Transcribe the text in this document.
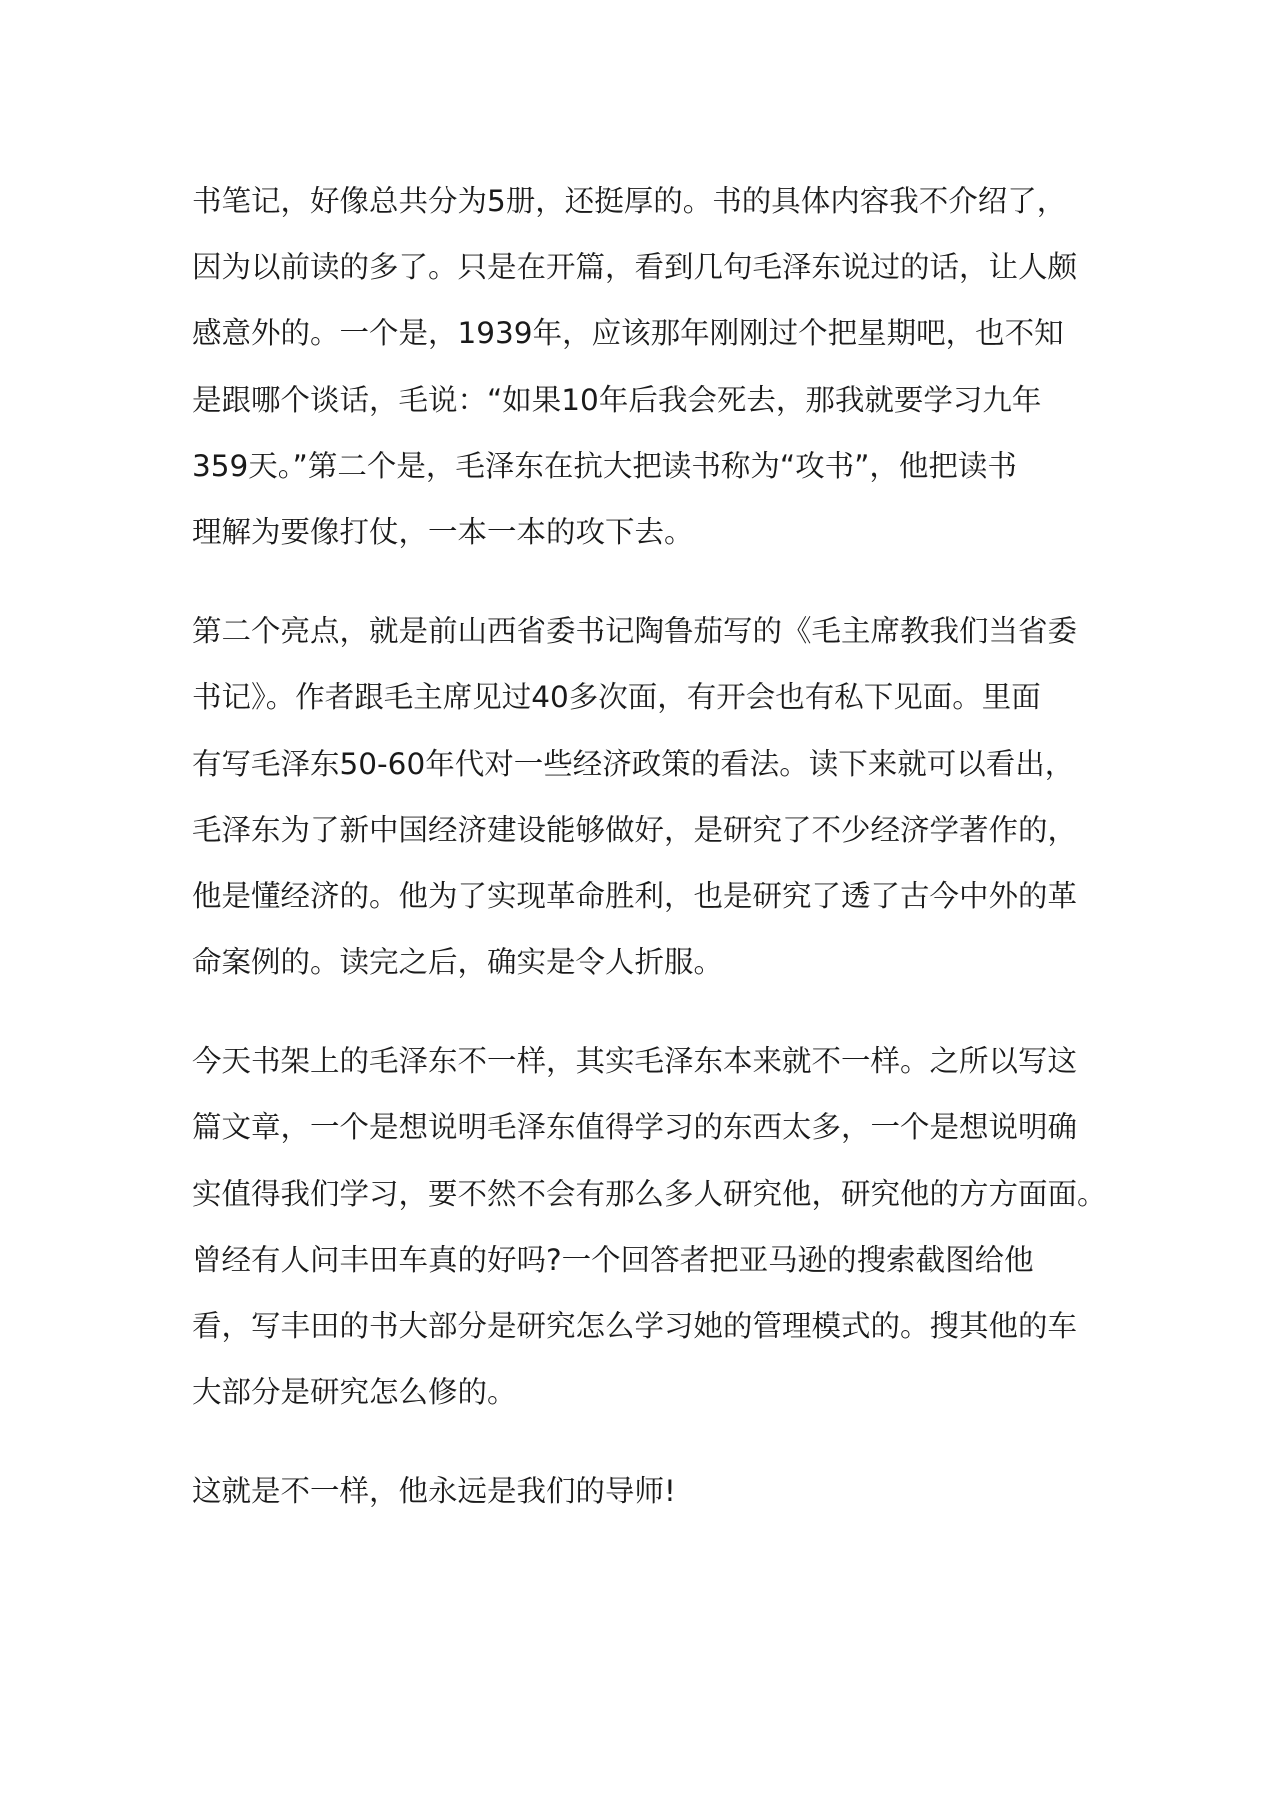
书笔记，好像总共分为5册，还挺厚的。书的具体内容我不介绍了，
因为以前读的多了。只是在开篇，看到几句毛泽东说过的话，让人颇
感意外的。一个是，1939年，应该那年刚刚过个把星期吧，也不知
是跟哪个谈话，毛说：“如果10年后我会死去，那我就要学习九年
359天。”第二个是，毛泽东在抗大把读书称为“攻书”，他把读书
理解为要像打仗，一本一本的攻下去。
第二个亮点，就是前山西省委书记陶鲁茄写的《毛主席教我们当省委
书记》。作者跟毛主席见过40多次面，有开会也有私下见面。里面
有写毛泽东50-60年代对一些经济政策的看法。读下来就可以看出，
毛泽东为了新中国经济建设能够做好，是研究了不少经济学著作的，
他是懂经济的。他为了实现革命胜利，也是研究了透了古今中外的革
命案例的。读完之后，确实是令人折服。
今天书架上的毛泽东不一样，其实毛泽东本来就不一样。之所以写这
篇文章，一个是想说明毛泽东值得学习的东西太多，一个是想说明确
实值得我们学习，要不然不会有那么多人研究他，研究他的方方面面。
曾经有人问丰田车真的好吗?一个回答者把亚马逊的搜索截图给他
看，写丰田的书大部分是研究怎么学习她的管理模式的。搜其他的车
大部分是研究怎么修的。
这就是不一样，他永远是我们的导师!
